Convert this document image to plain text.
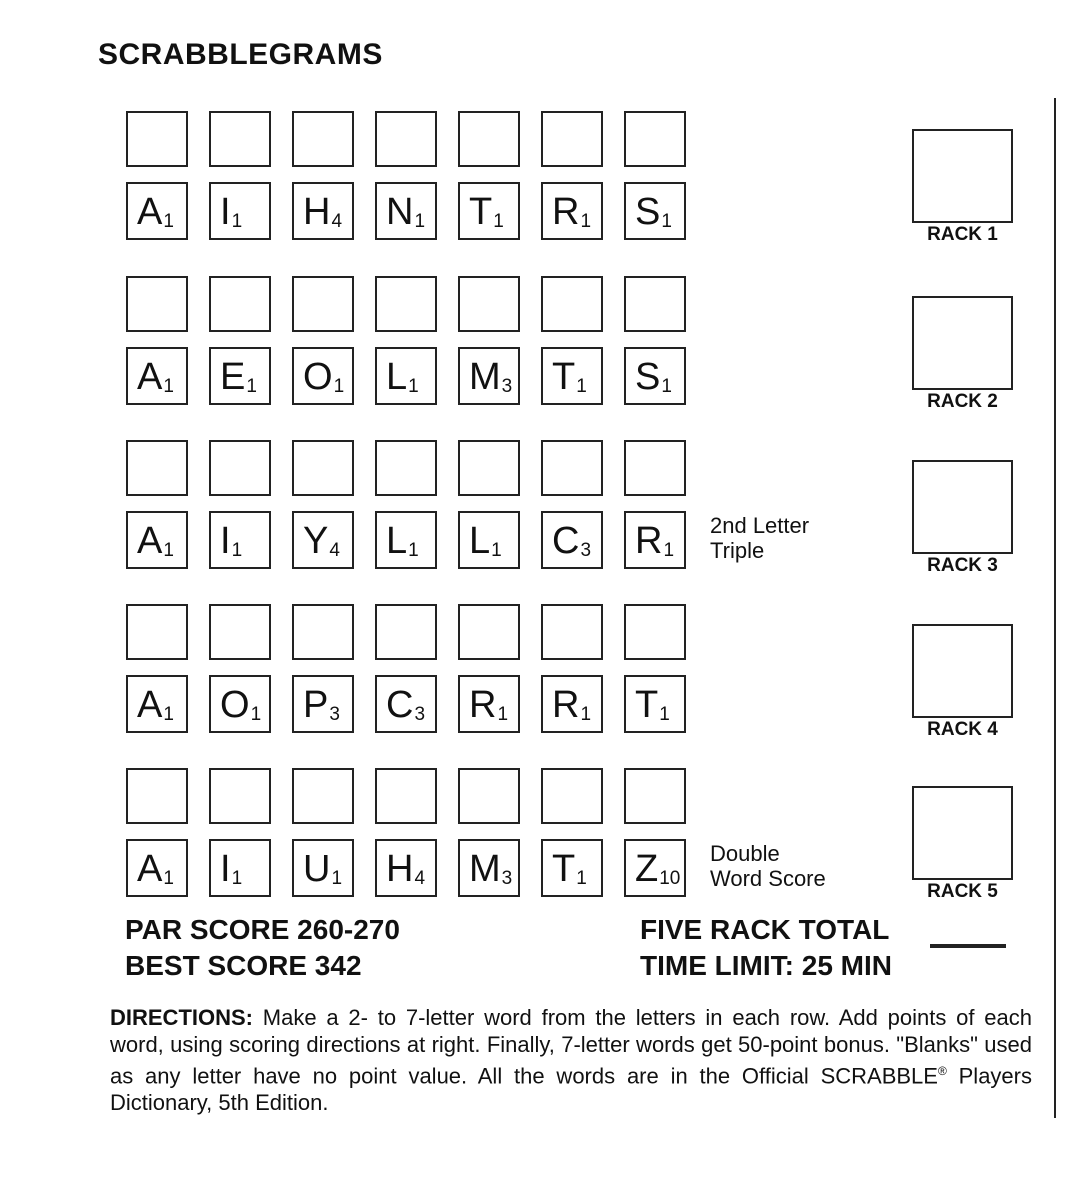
SCRABBLEGRAMS
A1 I1 H4 N1 T1 R1 S1
RACK 1
A1 E1 O1 L1 M3 T1 S1
RACK 2
A1 I1 Y4 L1 L1 C3 R1
2nd Letter
Triple
RACK 3
A1 O1 P3 C3 R1 R1 T1
RACK 4
A1 I1 U1 H4 M3 T1 Z10
Double
Word Score
RACK 5
PAR SCORE 260-270
BEST SCORE 342
FIVE RACK TOTAL
TIME LIMIT: 25 MIN
DIRECTIONS: Make a 2- to 7-letter word from the letters in each row. Add points of each word, using scoring directions at right. Finally, 7-letter words get 50-point bonus. "Blanks" used as any letter have no point value. All the words are in the Official SCRABBLE® Players Dictionary, 5th Edition.
